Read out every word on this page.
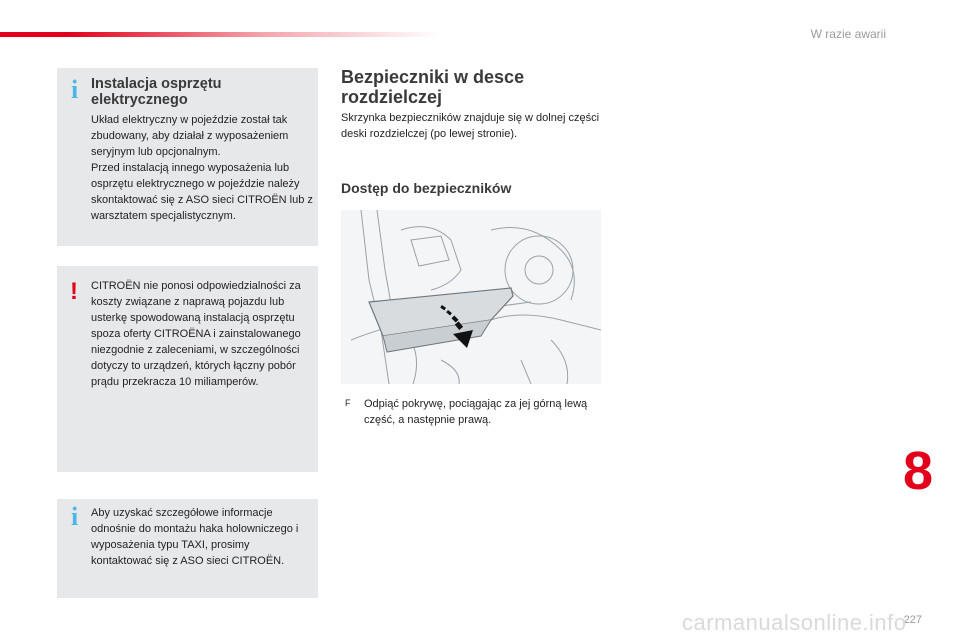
W razie awarii
i Instalacja osprzętu elektrycznego
Układ elektryczny w pojeździe został tak zbudowany, aby działał z wyposażeniem seryjnym lub opcjonalnym.
Przed instalacją innego wyposażenia lub osprzętu elektrycznego w pojeździe należy skontaktować się z ASO sieci CITROËN lub z warsztatem specjalistycznym.
! CITROËN nie ponosi odpowiedzialności za koszty związane z naprawą pojazdu lub usterkę spowodowaną instalacją osprzętu spoza oferty CITROËNA i zainstalowanego niezgodnie z zaleceniami, w szczególności dotyczy to urządzeń, których łączny pobór prądu przekracza 10 miliamperów.
i Aby uzyskać szczegółowe informacje odnośnie do montażu haka holowniczego i wyposażenia typu TAXI, prosimy kontaktować się z ASO sieci CITROËN.
Bezpieczniki w desce rozdzielczej
Skrzynka bezpieczników znajduje się w dolnej części deski rozdzielczej (po lewej stronie).
Dostęp do bezpieczników
F Odpiąć pokrywę, pociągając za jej górną lewą część, a następnie prawą.
8
227
carmanualsonline.info
